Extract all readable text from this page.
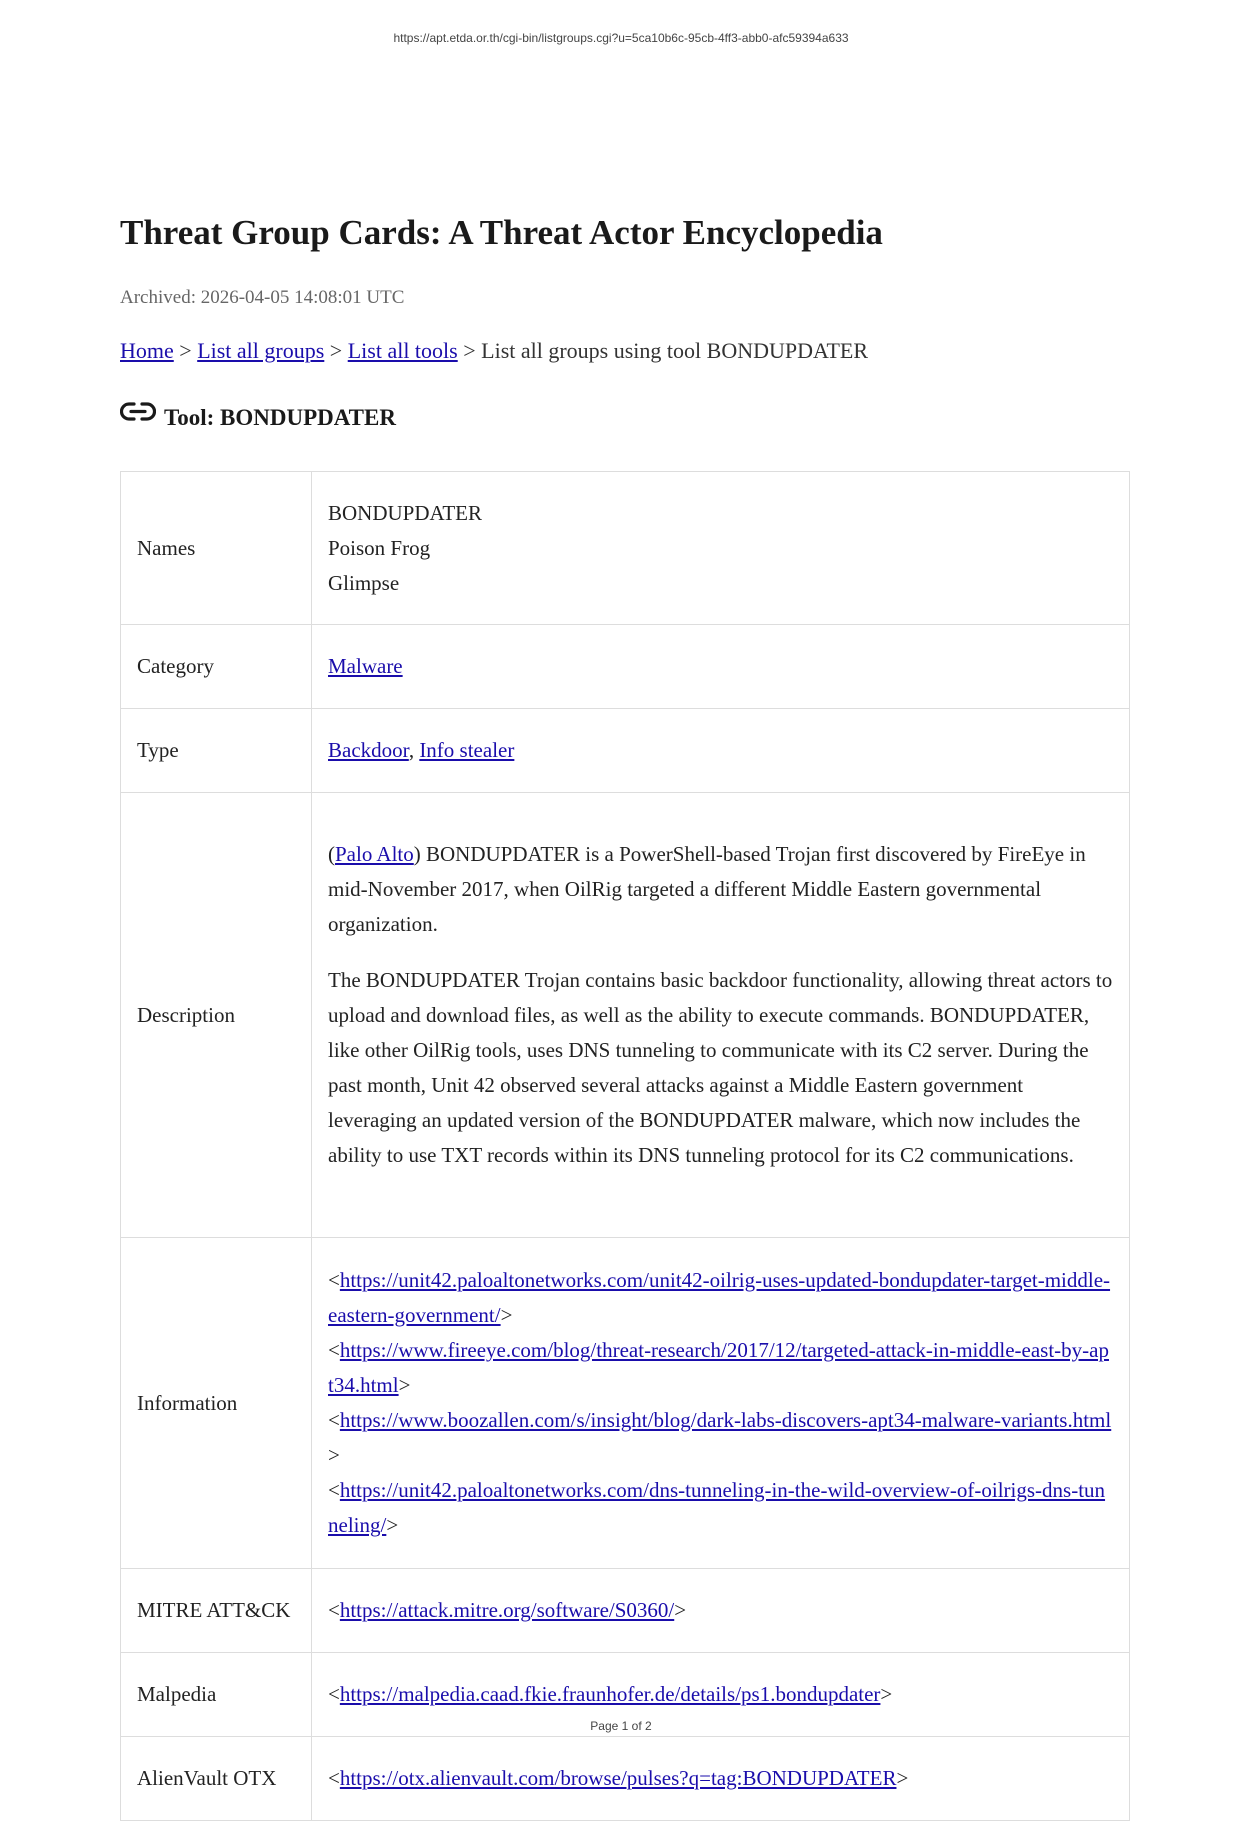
https://apt.etda.or.th/cgi-bin/listgroups.cgi?u=5ca10b6c-95cb-4ff3-abb0-afc59394a633
Threat Group Cards: A Threat Actor Encyclopedia
Archived: 2026-04-05 14:08:01 UTC
Home > List all groups > List all tools > List all groups using tool BONDUPDATER
Tool: BONDUPDATER
Names	BONDUPDATER
Poison Frog
Glimpse

Category	Malware
Type	Backdoor, Info stealer
Description	(Palo Alto) BONDUPDATER is a PowerShell-based Trojan first discovered by FireEye in mid-November 2017, when OilRig targeted a different Middle Eastern governmental organization.

The BONDUPDATER Trojan contains basic backdoor functionality, allowing threat actors to upload and download files, as well as the ability to execute commands. BONDUPDATER, like other OilRig tools, uses DNS tunneling to communicate with its C2 server. During the past month, Unit 42 observed several attacks against a Middle Eastern government leveraging an updated version of the BONDUPDATER malware, which now includes the ability to use TXT records within its DNS tunneling protocol for its C2 communications.

Information	<https://unit42.paloaltonetworks.com/unit42-oilrig-uses-updated-bondupdater-target-middle-eastern-government/>
<https://www.fireeye.com/blog/threat-research/2017/12/targeted-attack-in-middle-east-by-apt34.html>
<https://www.boozallen.com/s/insight/blog/dark-labs-discovers-apt34-malware-variants.html>
<https://unit42.paloaltonetworks.com/dns-tunneling-in-the-wild-overview-of-oilrigs-dns-tunneling/>

MITRE ATT&CK	<https://attack.mitre.org/software/S0360/>
Malpedia	<https://malpedia.caad.fkie.fraunhofer.de/details/ps1.bondupdater>
AlienVault OTX	<https://otx.alienvault.com/browse/pulses?q=tag:BONDUPDATER>
Page 1 of 2
